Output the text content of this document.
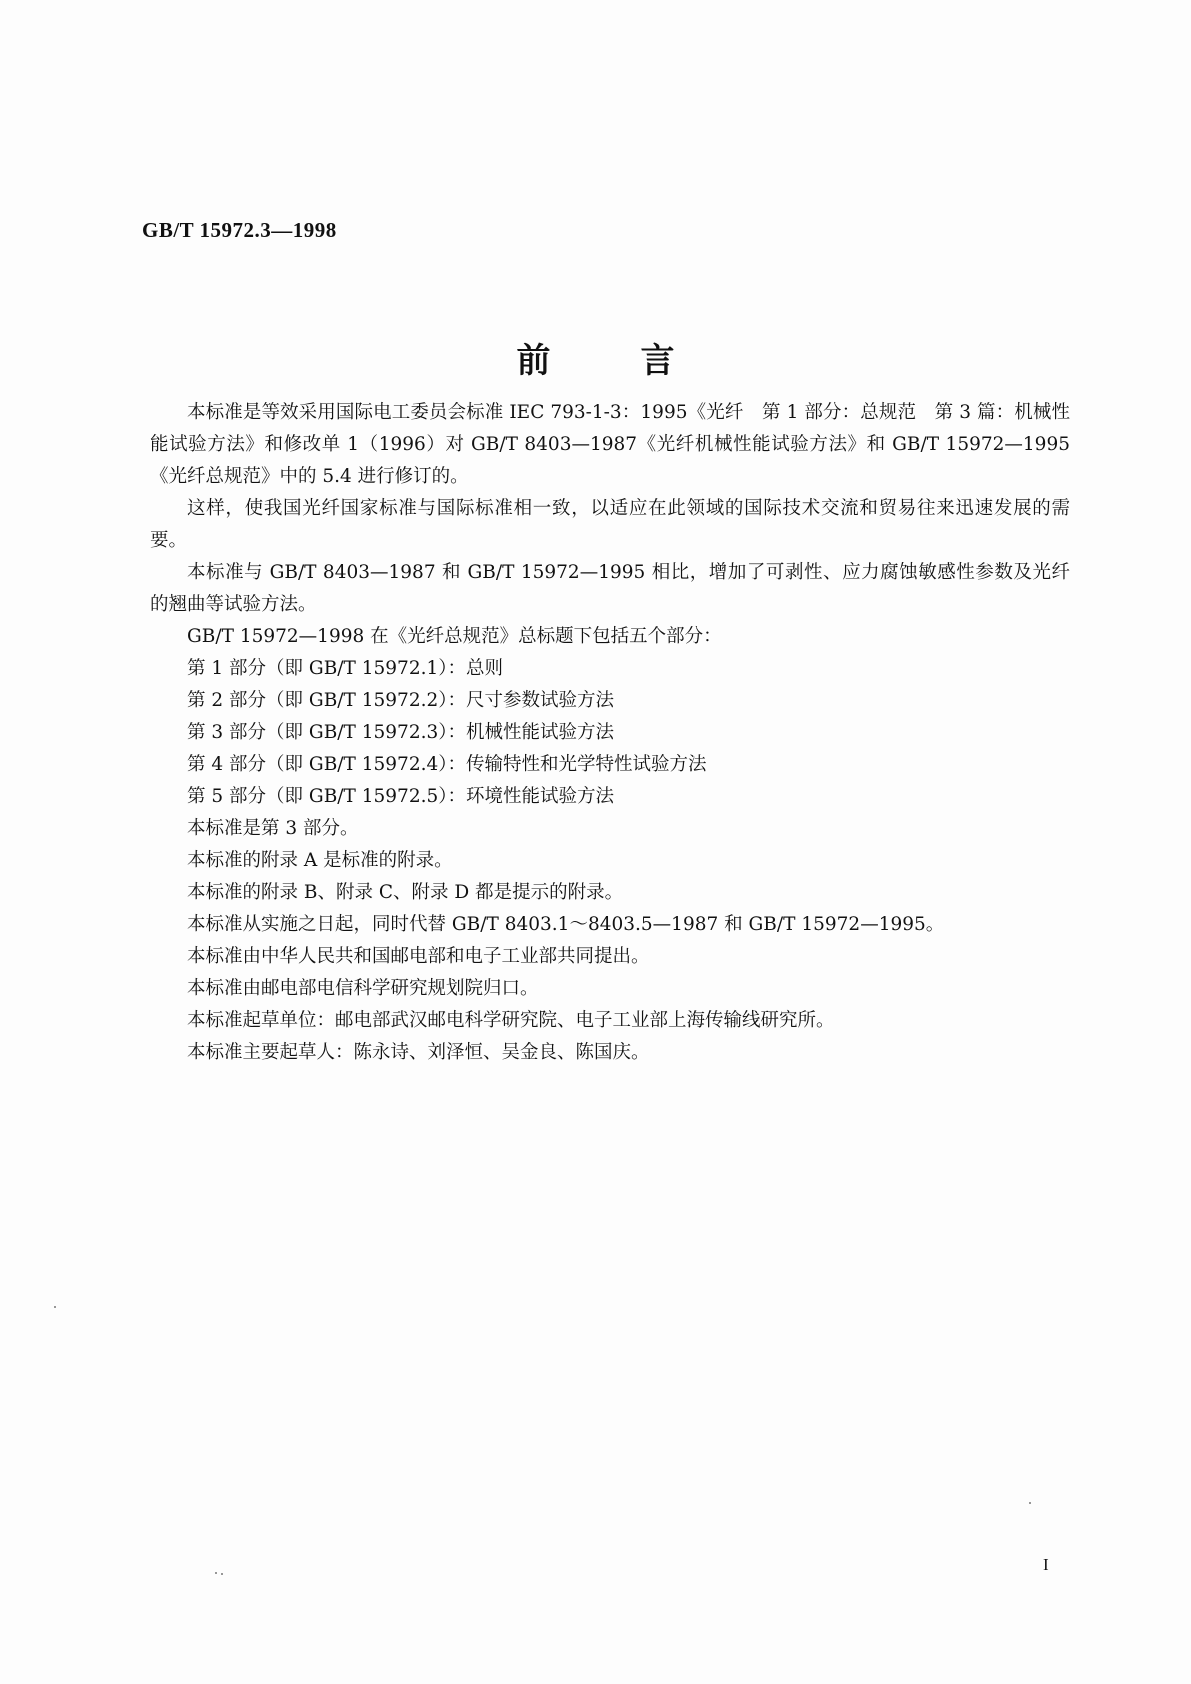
GB/T 15972.3—1998
前言

本标准是等效采用国际电工委员会标准 IEC 793-1-3：1995《光纤　第 1 部分：总规范　第 3 篇：机械性能试验方法》和修改单 1（1996）对 GB/T 8403—1987《光纤机械性能试验方法》和 GB/T 15972—1995《光纤总规范》中的 5.4 进行修订的。

这样，使我国光纤国家标准与国际标准相一致，以适应在此领域的国际技术交流和贸易往来迅速发展的需要。

本标准与 GB/T 8403—1987 和 GB/T 15972—1995 相比，增加了可剥性、应力腐蚀敏感性参数及光纤的翘曲等试验方法。

GB/T 15972—1998 在《光纤总规范》总标题下包括五个部分：

第 1 部分（即 GB/T 15972.1）：总则

第 2 部分（即 GB/T 15972.2）：尺寸参数试验方法

第 3 部分（即 GB/T 15972.3）：机械性能试验方法

第 4 部分（即 GB/T 15972.4）：传输特性和光学特性试验方法

第 5 部分（即 GB/T 15972.5）：环境性能试验方法

本标准是第 3 部分。

本标准的附录 A 是标准的附录。

本标准的附录 B、附录 C、附录 D 都是提示的附录。

本标准从实施之日起，同时代替 GB/T 8403.1～8403.5—1987 和 GB/T 15972—1995。

本标准由中华人民共和国邮电部和电子工业部共同提出。

本标准由邮电部电信科学研究规划院归口。

本标准起草单位：邮电部武汉邮电科学研究院、电子工业部上海传输线研究所。

本标准主要起草人：陈永诗、刘泽恒、吴金良、陈国庆。

I
